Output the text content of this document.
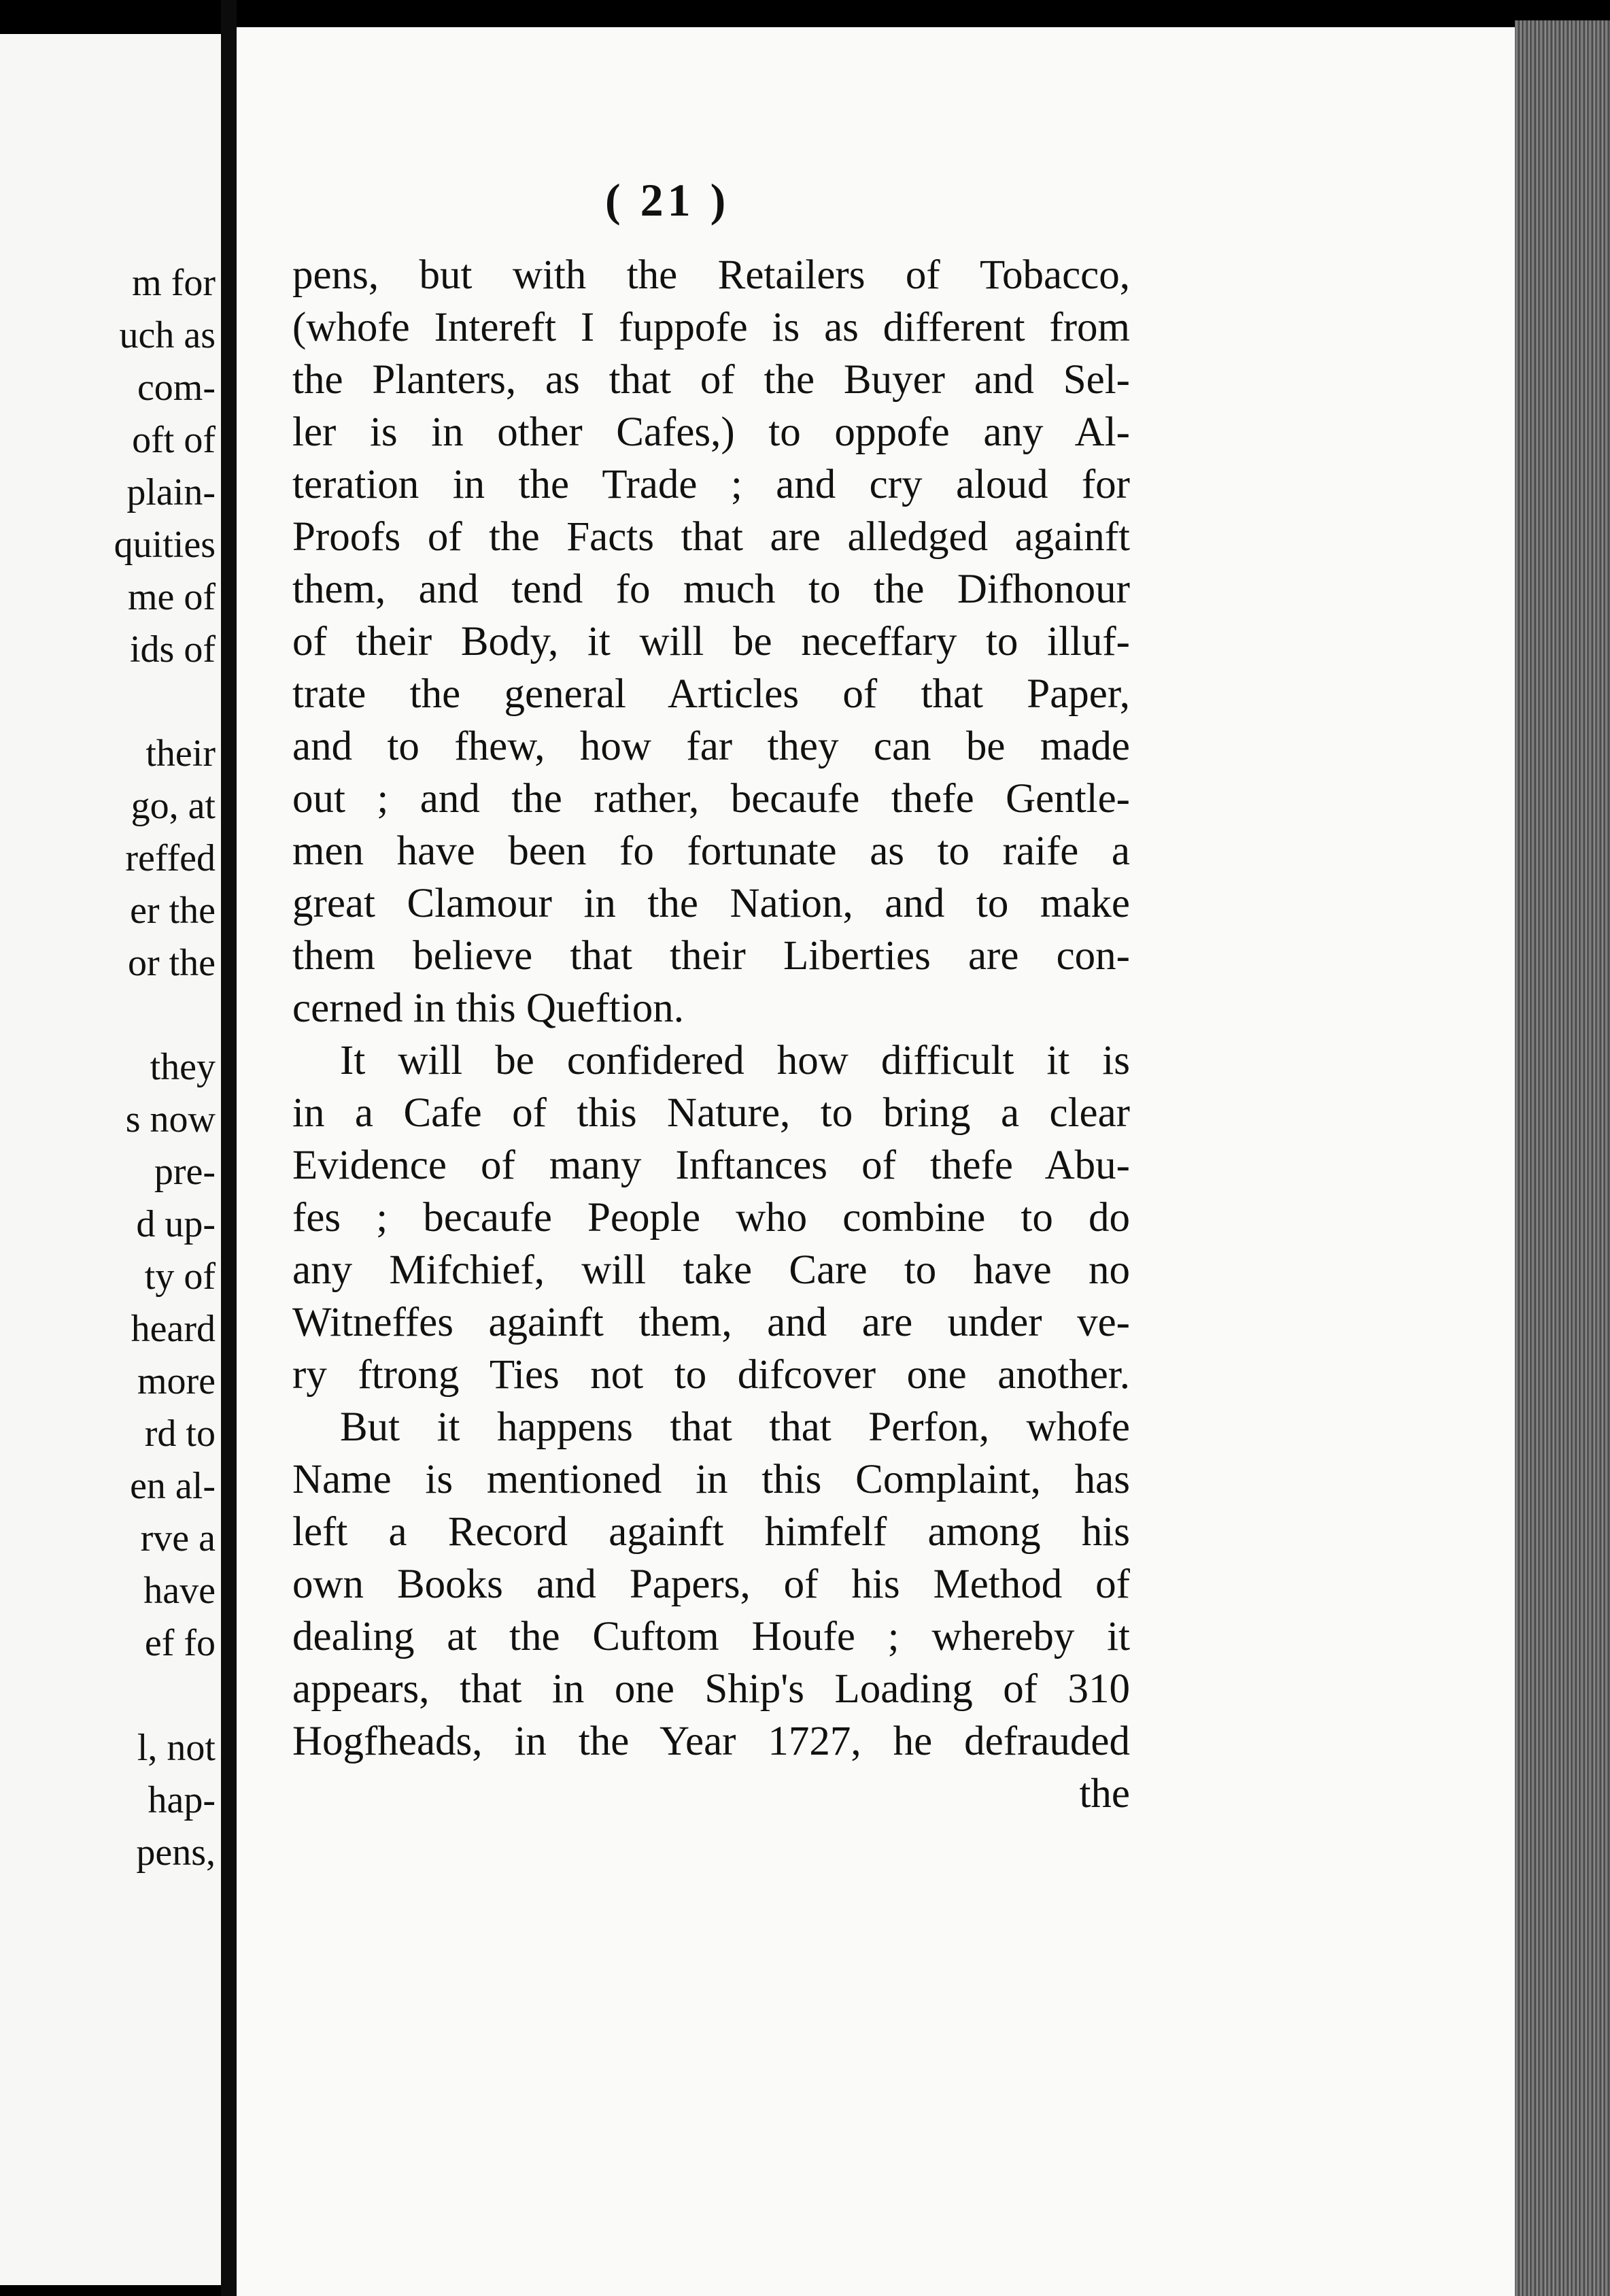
m for
uch as
com-
oft of
plain-
quities
me of
ids of
their
go, at
reffed
er the
or the
they
s now
pre-
d up-
ty of
heard
more
rd to
en al-
rve a
have
ef fo
l, not
hap-
pens,
( 21 )
pens, but with the Retailers of Tobacco,
(whofe Intereft I fuppofe is as different from
the Planters, as that of the Buyer and Sel-
ler is in other Cafes,) to oppofe any Al-
teration in the Trade ; and cry aloud for
Proofs of the Facts that are alledged againft
them, and tend fo much to the Difhonour
of their Body, it will be neceffary to illuf-
trate the general Articles of that Paper,
and to fhew, how far they can be made
out ; and the rather, becaufe thefe Gentle-
men have been fo fortunate as to raife a
great Clamour in the Nation, and to make
them believe that their Liberties are con-
cerned in this Queftion.
It will be confidered how difficult it is
in a Cafe of this Nature, to bring a clear
Evidence of many Inftances of thefe Abu-
fes ; becaufe People who combine to do
any Mifchief, will take Care to have no
Witneffes againft them, and are under ve-
ry ftrong Ties not to difcover one another.
But it happens that that Perfon, whofe
Name is mentioned in this Complaint, has
left a Record againft himfelf among his
own Books and Papers, of his Method of
dealing at the Cuftom Houfe ; whereby it
appears, that in one Ship's Loading of 310
Hogfheads, in the Year 1727, he defrauded
the
